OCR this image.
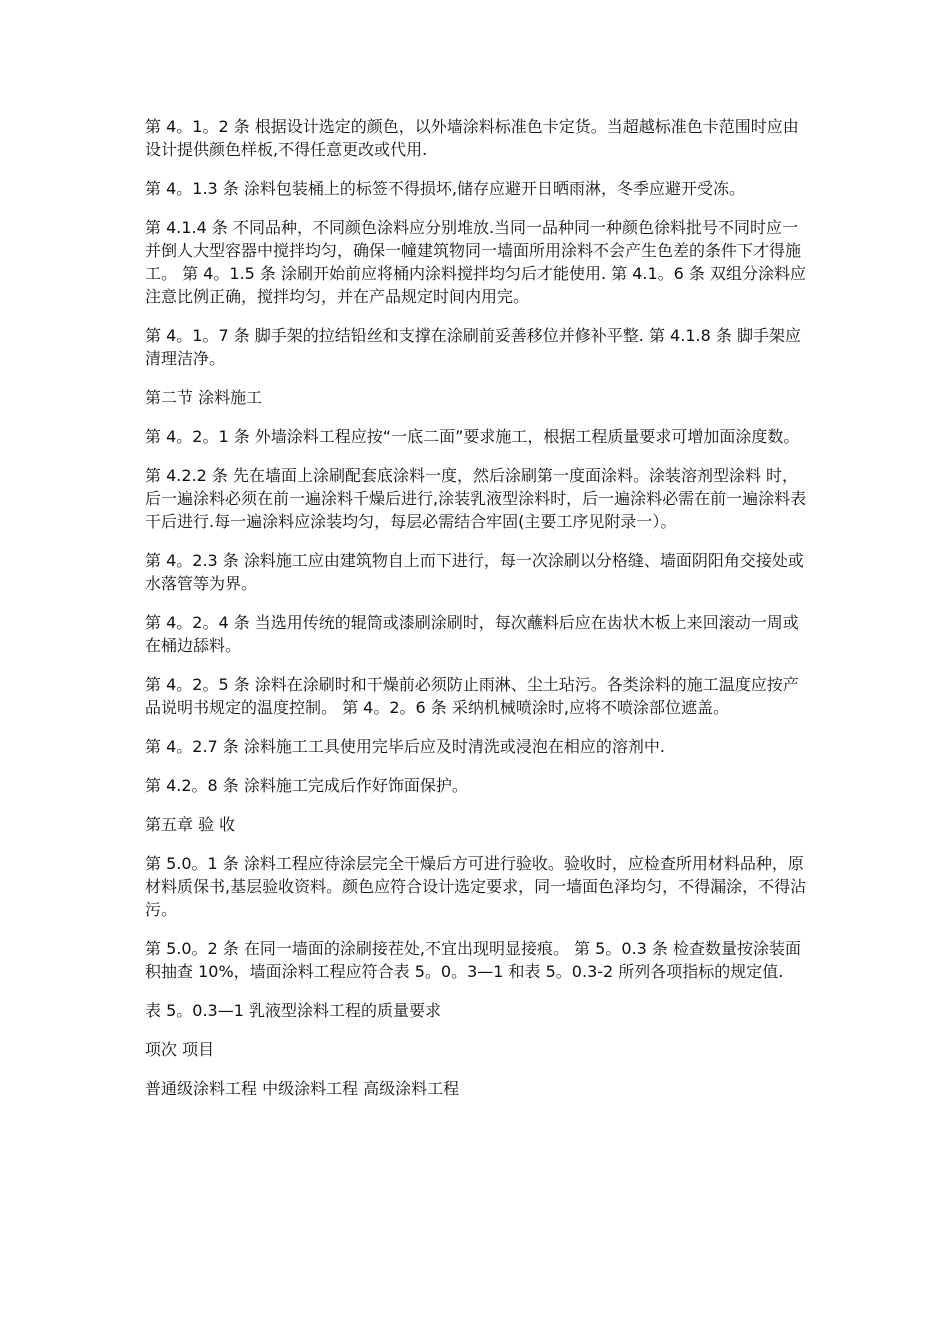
第 4。1。2 条 根据设计选定的颜色，以外墙涂料标准色卡定货。当超越标准色卡范围时应由设计提供颜色样板,不得任意更改或代用.

第 4。1.3 条 涂料包装桶上的标签不得损坏,储存应避开日晒雨淋，冬季应避开受冻。

第 4.1.4 条 不同品种，不同颜色涂料应分别堆放.当同一品种同一种颜色徐料批号不同时应一并倒人大型容器中搅拌均匀，确保一幢建筑物同一墙面所用涂料不会产生色差的条件下才得施工。 第 4。1.5 条 涂刷开始前应将桶内涂料搅拌均匀后才能使用. 第 4.1。6 条 双组分涂料应注意比例正确，搅拌均匀，并在产品规定时间内用完。

第 4。1。7 条 脚手架的拉结铅丝和支撑在涂刷前妥善移位并修补平整. 第 4.1.8 条 脚手架应清理洁净。

第二节 涂料施工

第 4。2。1 条 外墙涂料工程应按“一底二面”要求施工，根据工程质量要求可增加面涂度数。

第 4.2.2 条 先在墙面上涂刷配套底涂料一度，然后涂刷第一度面涂料。涂装溶剂型涂料 时，后一遍涂料必须在前一遍涂料千燥后进行,涂装乳液型涂料时，后一遍涂料必需在前一遍涂料表干后进行.每一遍涂料应涂装均匀，每层必需结合牢固(主要工序见附录一）。

第 4。2.3 条 涂料施工应由建筑物自上而下进行，每一次涂刷以分格缝、墙面阴阳角交接处或水落管等为界。

第 4。2。4 条 当选用传统的辊筒或漆刷涂刷时，每次蘸料后应在齿状木板上来回滚动一周或在桶边舔料。

第 4。2。5 条 涂料在涂刷时和干燥前必须防止雨淋、尘土玷污。各类涂料的施工温度应按产品说明书规定的温度控制。 第 4。2。6 条 采纳机械喷涂时,应将不喷涂部位遮盖。

第 4。2.7 条 涂料施工工具使用完毕后应及时清洗或浸泡在相应的溶剂中.

第 4.2。8 条 涂料施工完成后作好饰面保护。

第五章 验 收

第 5.0。1 条 涂料工程应待涂层完全干燥后方可进行验收。验收时，应检查所用材料品种，原材料质保书,基层验收资料。颜色应符合设计选定要求，同一墙面色泽均匀，不得漏涂，不得沾污。

第 5.0。2 条 在同一墙面的涂刷接茬处,不宜出现明显接痕。 第 5。0.3 条 检查数量按涂装面积抽查 10%，墙面涂料工程应符合表 5。0。3—1 和表 5。0.3-2 所列各项指标的规定值.

表 5。0.3—1 乳液型涂料工程的质量要求

项次 项目

普通级涂料工程 中级涂料工程 高级涂料工程
